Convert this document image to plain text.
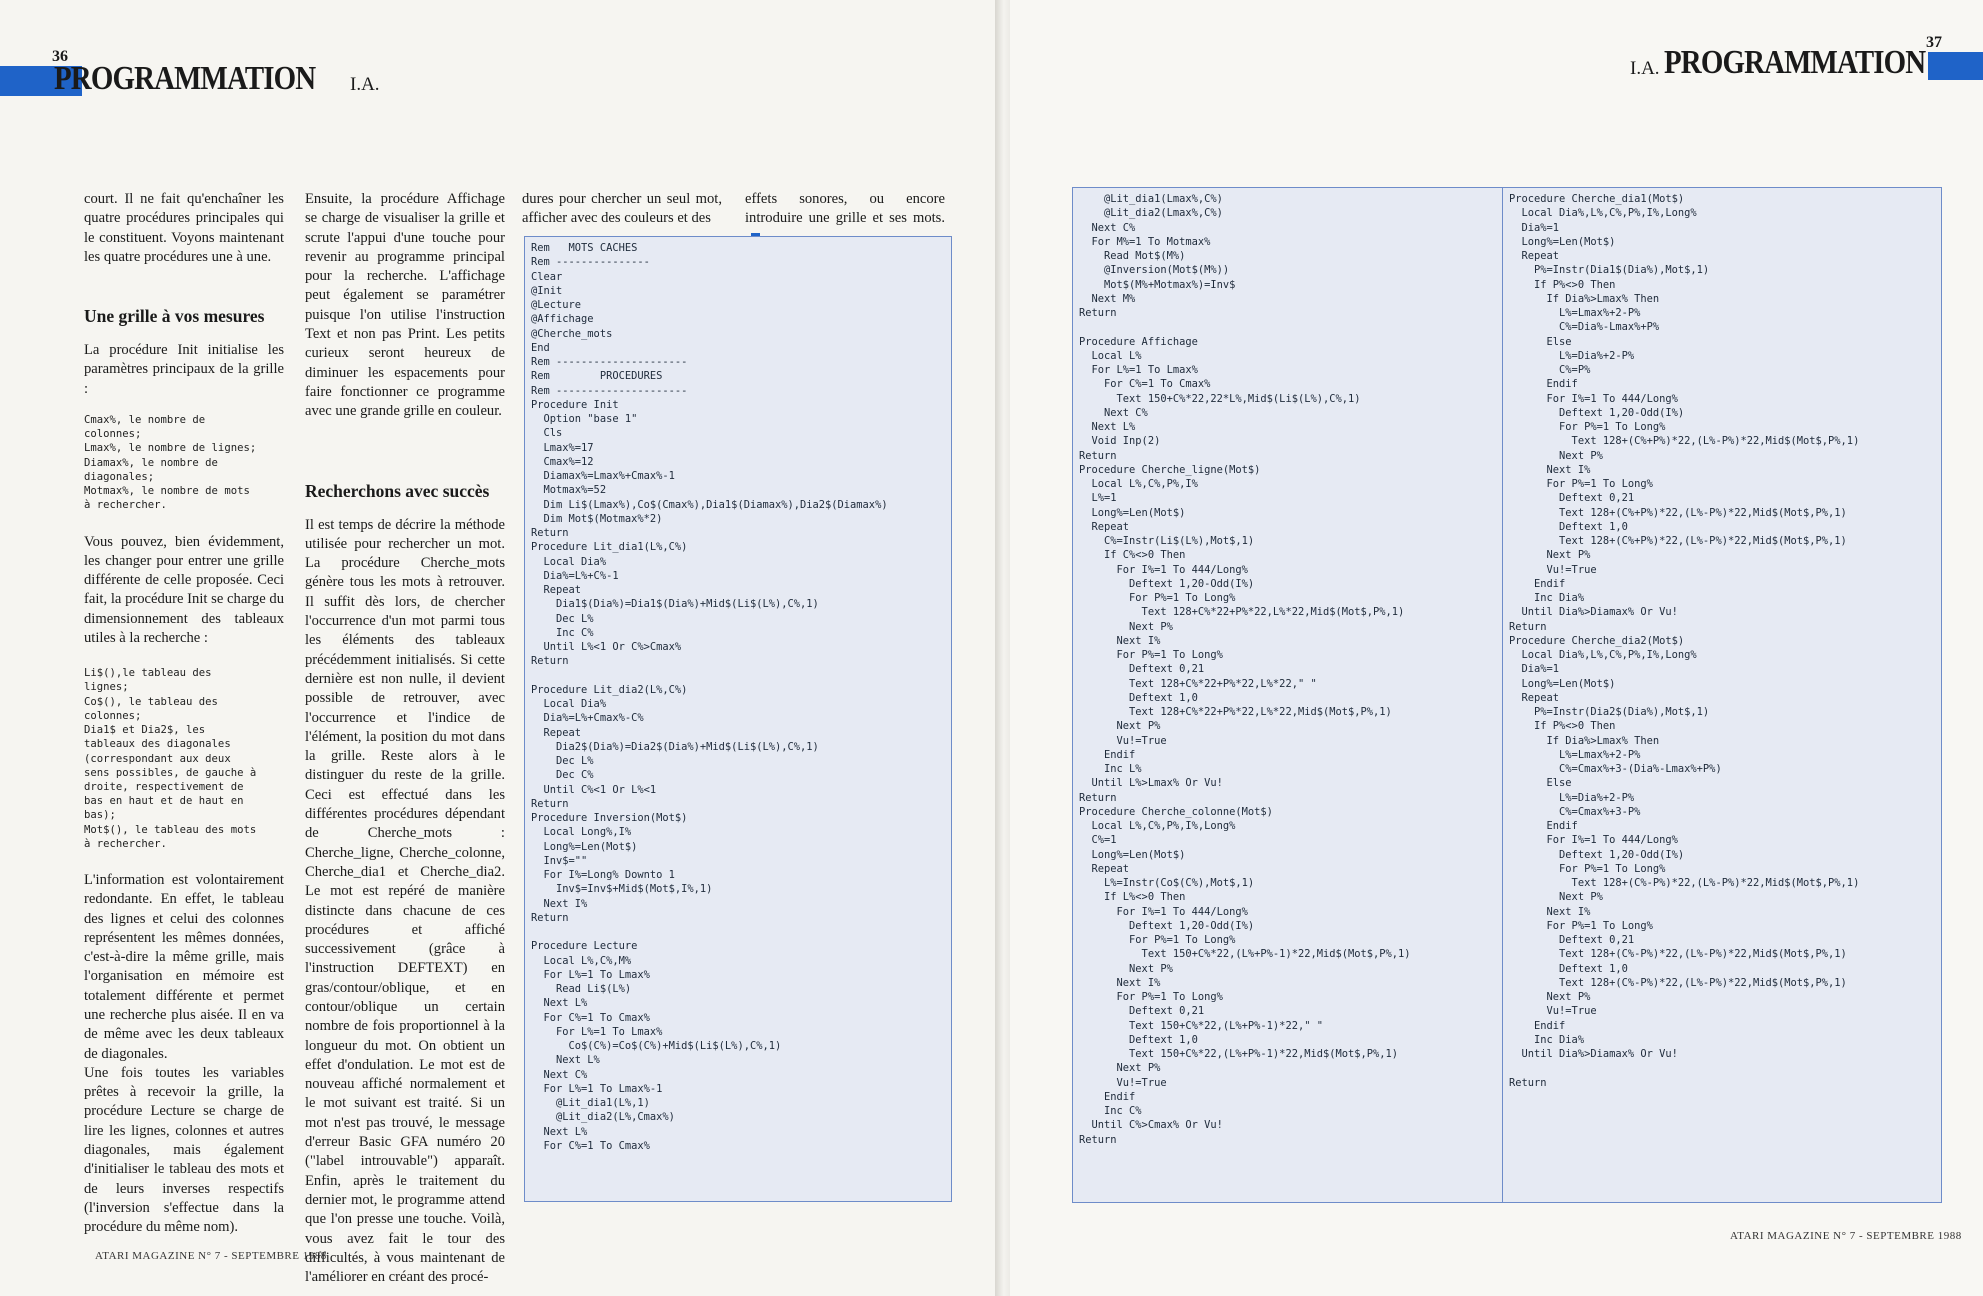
36
PROGRAMMATION I.A.

court. Il ne fait qu'enchaîner les quatre procédures principales qui le constituent. Voyons maintenant les quatre procédures une à une.

Une grille à vos mesures

La procédure Init initialise les paramètres principaux de la grille :

Cmax%, le nombre de
colonnes;
Lmax%, le nombre de lignes;
Diamax%, le nombre de
diagonales;
Motmax%, le nombre de mots
à rechercher.

Vous pouvez, bien évidemment, les changer pour entrer une grille différente de celle proposée. Ceci fait, la procédure Init se charge du dimensionnement des tableaux utiles à la recherche :

Li$(),le tableau des
lignes;
Co$(), le tableau des
colonnes;
Dia1$ et Dia2$, les
tableaux des diagonales
(correspondant aux deux
sens possibles, de gauche à
droite, respectivement de
bas en haut et de haut en
bas);
Mot$(), le tableau des mots
à rechercher.

L'information est volontairement redondante. En effet, le tableau des lignes et celui des colonnes représentent les mêmes données, c'est-à-dire la même grille, mais l'organisation en mémoire est totalement différente et permet une recherche plus aisée. Il en va de même avec les deux tableaux de diagonales.

Une fois toutes les variables prêtes à recevoir la grille, la procédure Lecture se charge de lire les lignes, colonnes et autres diagonales, mais également d'initialiser le tableau des mots et de leurs inverses respectifs (l'inversion s'effectue dans la procédure du même nom).

Ensuite, la procédure Affichage se charge de visualiser la grille et scrute l'appui d'une touche pour revenir au programme principal pour la recherche. L'affichage peut également se paramétrer puisque l'on utilise l'instruction Text et non pas Print. Les petits curieux seront heureux de diminuer les espacements pour faire fonctionner ce programme avec une grande grille en couleur.

Recherchons avec succès

Il est temps de décrire la méthode utilisée pour rechercher un mot. La procédure Cherche_mots génère tous les mots à retrouver. Il suffit dès lors, de chercher l'occurrence d'un mot parmi tous les éléments des tableaux précédemment initialisés. Si cette dernière est non nulle, il devient possible de retrouver, avec l'occurrence et l'indice de l'élément, la position du mot dans la grille. Reste alors à le distinguer du reste de la grille. Ceci est effectué dans les différentes procédures dépendant de Cherche_mots : Cherche_ligne, Cherche_colonne, Cherche_dia1 et Cherche_dia2. Le mot est repéré de manière distincte dans chacune de ces procédures et affiché successivement (grâce à l'instruction DEFTEXT) en gras/contour/oblique, et en contour/oblique un certain nombre de fois proportionnel à la longueur du mot. On obtient un effet d'ondulation. Le mot est de nouveau affiché normalement et le mot suivant est traité. Si un mot n'est pas trouvé, le message d'erreur Basic GFA numéro 20 ("label introuvable") apparaît. Enfin, après le traitement du dernier mot, le programme attend que l'on presse une touche. Voilà, vous avez fait le tour des difficultés, à vous maintenant de l'améliorer en créant des procé-

dures pour chercher un seul mot, afficher avec des couleurs et des

effets sonores, ou encore introduire une grille et ses mots.

Rem   MOTS CACHES
Rem ---------------
Clear
@Init
@Lecture
@Affichage
@Cherche_mots
End
Rem ---------------------
Rem        PROCEDURES
Rem ---------------------
Procedure Init
Option "base 1"
Cls
Lmax%=17
Cmax%=12
Diamax%=Lmax%+Cmax%-1
Motmax%=52
Dim Li$(Lmax%),Co$(Cmax%),Dia1$(Diamax%),Dia2$(Diamax%)
Dim Mot$(Motmax%*2)
Return
Procedure Lit_dia1(L%,C%)
Local Dia%
Dia%=L%+C%-1
Repeat
Dia1$(Dia%)=Dia1$(Dia%)+Mid$(Li$(L%),C%,1)
Dec L%
Inc C%
Until L%<1 Or C%>Cmax%
Return

Procedure Lit_dia2(L%,C%)
Local Dia%
Dia%=L%+Cmax%-C%
Repeat
Dia2$(Dia%)=Dia2$(Dia%)+Mid$(Li$(L%),C%,1)
Dec L%
Dec C%
Until C%<1 Or L%<1
Return
Procedure Inversion(Mot$)
Local Long%,I%
Long%=Len(Mot$)
Inv$=""
For I%=Long% Downto 1
Inv$=Inv$+Mid$(Mot$,I%,1)
Next I%
Return

Procedure Lecture
Local L%,C%,M%
For L%=1 To Lmax%
Read Li$(L%)
Next L%
For C%=1 To Cmax%
For L%=1 To Lmax%
Co$(C%)=Co$(C%)+Mid$(Li$(L%),C%,1)
Next L%
Next C%
For L%=1 To Lmax%-1
@Lit_dia1(L%,1)
@Lit_dia2(L%,Cmax%)
Next L%
For C%=1 To Cmax%
ATARI MAGAZINE N° 7 - SEPTEMBRE 1988
37
I.A. PROGRAMMATION
@Lit_dia1(Lmax%,C%)
@Lit_dia2(Lmax%,C%)
Next C%
For M%=1 To Motmax%
Read Mot$(M%)
@Inversion(Mot$(M%))
Mot$(M%+Motmax%)=Inv$
Next M%
Return

Procedure Affichage
Local L%
For L%=1 To Lmax%
For C%=1 To Cmax%
Text 150+C%*22,22*L%,Mid$(Li$(L%),C%,1)
Next C%
Next L%
Void Inp(2)
Return
Procedure Cherche_ligne(Mot$)
Local L%,C%,P%,I%
L%=1
Long%=Len(Mot$)
Repeat
C%=Instr(Li$(L%),Mot$,1)
If C%<>0 Then
For I%=1 To 444/Long%
Deftext 1,20-Odd(I%)
For P%=1 To Long%
Text 128+C%*22+P%*22,L%*22,Mid$(Mot$,P%,1)
Next P%
Next I%
For P%=1 To Long%
Deftext 0,21
Text 128+C%*22+P%*22,L%*22," "
Deftext 1,0
Text 128+C%*22+P%*22,L%*22,Mid$(Mot$,P%,1)
Next P%
Vu!=True
Endif
Inc L%
Until L%>Lmax% Or Vu!
Return
Procedure Cherche_colonne(Mot$)
Local L%,C%,P%,I%,Long%
C%=1
Long%=Len(Mot$)
Repeat
L%=Instr(Co$(C%),Mot$,1)
If L%<>0 Then
For I%=1 To 444/Long%
Deftext 1,20-Odd(I%)
For P%=1 To Long%
Text 150+C%*22,(L%+P%-1)*22,Mid$(Mot$,P%,1)
Next P%
Next I%
For P%=1 To Long%
Deftext 0,21
Text 150+C%*22,(L%+P%-1)*22," "
Deftext 1,0
Text 150+C%*22,(L%+P%-1)*22,Mid$(Mot$,P%,1)
Next P%
Vu!=True
Endif
Inc C%
Until C%>Cmax% Or Vu!
Return
Procedure Cherche_dia1(Mot$)
Local Dia%,L%,C%,P%,I%,Long%
Dia%=1
Long%=Len(Mot$)
Repeat
P%=Instr(Dia1$(Dia%),Mot$,1)
If P%<>0 Then
If Dia%>Lmax% Then
L%=Lmax%+2-P%
C%=Dia%-Lmax%+P%
Else
L%=Dia%+2-P%
C%=P%
Endif
For I%=1 To 444/Long%
Deftext 1,20-Odd(I%)
For P%=1 To Long%
Text 128+(C%+P%)*22,(L%-P%)*22,Mid$(Mot$,P%,1)
Next P%
Next I%
For P%=1 To Long%
Deftext 0,21
Text 128+(C%+P%)*22,(L%-P%)*22,Mid$(Mot$,P%,1)
Deftext 1,0
Text 128+(C%+P%)*22,(L%-P%)*22,Mid$(Mot$,P%,1)
Next P%
Vu!=True
Endif
Inc Dia%
Until Dia%>Diamax% Or Vu!
Return
Procedure Cherche_dia2(Mot$)
Local Dia%,L%,C%,P%,I%,Long%
Dia%=1
Long%=Len(Mot$)
Repeat
P%=Instr(Dia2$(Dia%),Mot$,1)
If P%<>0 Then
If Dia%>Lmax% Then
L%=Lmax%+2-P%
C%=Cmax%+3-(Dia%-Lmax%+P%)
Else
L%=Dia%+2-P%
C%=Cmax%+3-P%
Endif
For I%=1 To 444/Long%
Deftext 1,20-Odd(I%)
For P%=1 To Long%
Text 128+(C%-P%)*22,(L%-P%)*22,Mid$(Mot$,P%,1)
Next P%
Next I%
For P%=1 To Long%
Deftext 0,21
Text 128+(C%-P%)*22,(L%-P%)*22,Mid$(Mot$,P%,1)
Deftext 1,0
Text 128+(C%-P%)*22,(L%-P%)*22,Mid$(Mot$,P%,1)
Next P%
Vu!=True
Endif
Inc Dia%
Until Dia%>Diamax% Or Vu!

Return
ATARI MAGAZINE N° 7 - SEPTEMBRE 1988
